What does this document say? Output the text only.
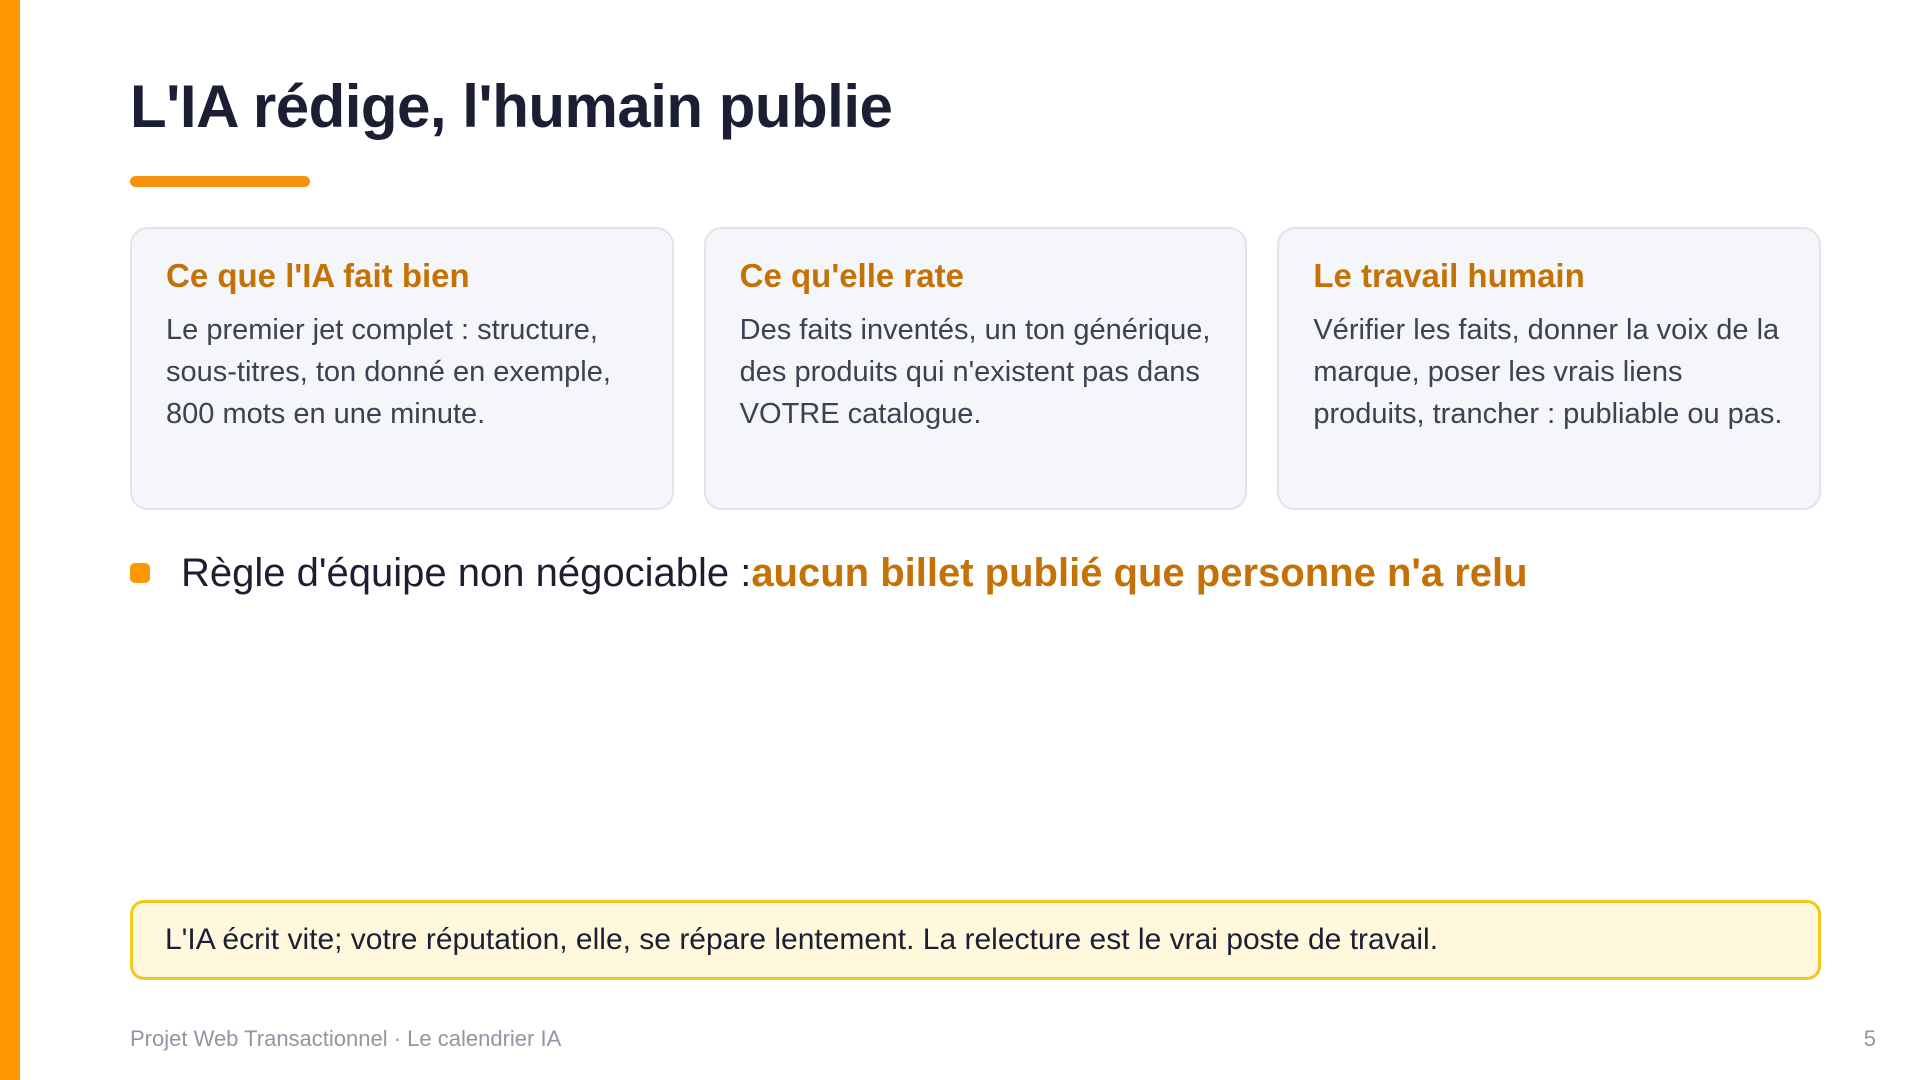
L'IA rédige, l'humain publie
Ce que l'IA fait bien

Le premier jet complet : structure, sous-titres, ton donné en exemple, 800 mots en une minute.

Ce qu'elle rate

Des faits inventés, un ton générique, des produits qui n'existent pas dans VOTRE catalogue.

Le travail humain

Vérifier les faits, donner la voix de la marque, poser les vrais liens produits, trancher : publiable ou pas.

Règle d'équipe non négociable : aucun billet publié que personne n'a relu
L'IA écrit vite; votre réputation, elle, se répare lentement. La relecture est le vrai poste de travail.
Projet Web Transactionnel · Le calendrier IA	5
